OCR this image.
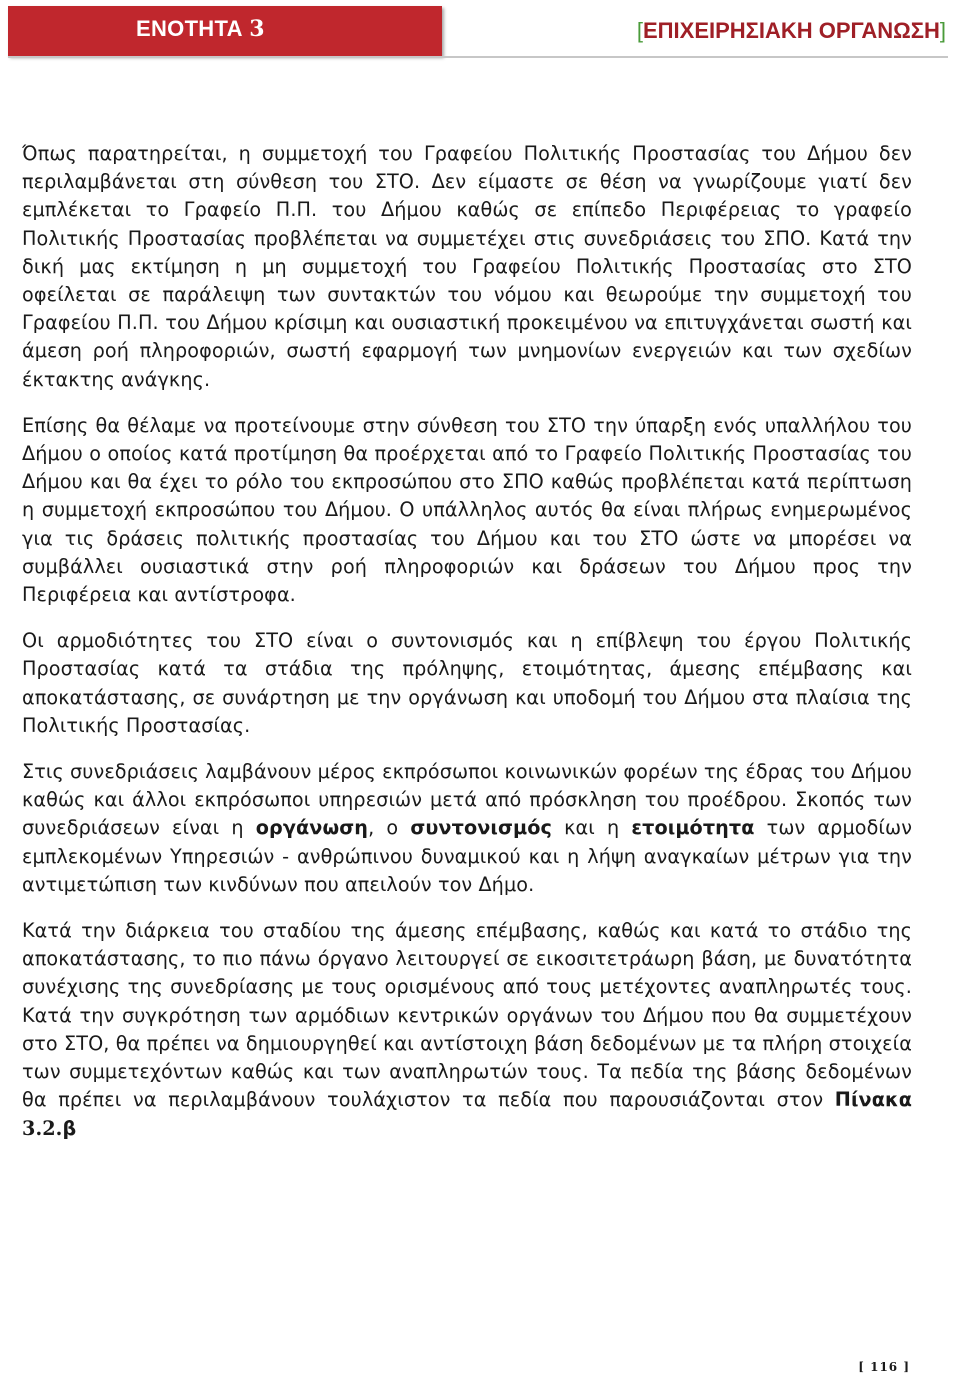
ΕΝΟΤΗΤΑ 3	[ΕΠΙΧΕΙΡΗΣΙΑΚΗ ΟΡΓΑΝΩΣΗ]

Όπως παρατηρείται, η συμμετοχή του Γραφείου Πολιτικής Προστασίας του Δήμου δεν περιλαμβάνεται στη σύνθεση του ΣΤΟ. Δεν είμαστε σε θέση να γνωρίζουμε γιατί δεν εμπλέκεται το Γραφείο Π.Π. του Δήμου καθώς σε επίπεδο Περιφέρειας το γραφείο Πολιτικής Προστασίας προβλέπεται να συμμετέχει στις συνεδριάσεις του ΣΠΟ. Κατά την δική μας εκτίμηση η μη συμμετοχή του Γραφείου Πολιτικής Προστασίας στο ΣΤΟ οφείλεται σε παράλειψη των συντακτών του νόμου και θεωρούμε την συμμετοχή του Γραφείου Π.Π. του Δήμου κρίσιμη και ουσιαστική προκειμένου να επιτυγχάνεται σωστή και άμεση ροή πληροφοριών, σωστή εφαρμογή των μνημονίων ενεργειών και των σχεδίων έκτακτης ανάγκης.

Επίσης θα θέλαμε να προτείνουμε στην σύνθεση του ΣΤΟ την ύπαρξη ενός υπαλλήλου του Δήμου ο οποίος κατά προτίμηση θα προέρχεται από το Γραφείο Πολιτικής Προστασίας του Δήμου και θα έχει το ρόλο του εκπροσώπου στο ΣΠΟ καθώς προβλέπεται κατά περίπτωση η συμμετοχή εκπροσώπου του Δήμου. Ο υπάλληλος αυτός θα είναι πλήρως ενημερωμένος για τις δράσεις πολιτικής προστασίας του Δήμου και του ΣΤΟ ώστε να μπορέσει να συμβάλλει ουσιαστικά στην ροή πληροφοριών και δράσεων του Δήμου προς την Περιφέρεια και αντίστροφα.

Οι αρμοδιότητες του ΣΤΟ είναι ο συντονισμός και η επίβλεψη του έργου Πολιτικής Προστασίας κατά τα στάδια της πρόληψης, ετοιμότητας, άμεσης επέμβασης και αποκατάστασης, σε συνάρτηση με την οργάνωση και υποδομή του Δήμου στα πλαίσια της Πολιτικής Προστασίας.

Στις συνεδριάσεις λαμβάνουν μέρος εκπρόσωποι κοινωνικών φορέων της έδρας του Δήμου καθώς και άλλοι εκπρόσωποι υπηρεσιών μετά από πρόσκληση του προέδρου. Σκοπός των συνεδριάσεων είναι η οργάνωση, ο συντονισμός και η ετοιμότητα των αρμοδίων εμπλεκομένων Υπηρεσιών - ανθρώπινου δυναμικού και η λήψη αναγκαίων μέτρων για την αντιμετώπιση των κινδύνων που απειλούν τον Δήμο.

Κατά την διάρκεια του σταδίου της άμεσης επέμβασης, καθώς και κατά το στάδιο της αποκατάστασης, το πιο πάνω όργανο λειτουργεί σε εικοσιτετράωρη βάση, με δυνατότητα συνέχισης της συνεδρίασης με τους ορισμένους από τους μετέχοντες αναπληρωτές τους. Κατά την συγκρότηση των αρμόδιων κεντρικών οργάνων του Δήμου που θα συμμετέχουν στο ΣΤΟ, θα πρέπει να δημιουργηθεί και αντίστοιχη βάση δεδομένων με τα πλήρη στοιχεία των συμμετεχόντων καθώς και των αναπληρωτών τους. Τα πεδία της βάσης δεδομένων θα πρέπει να περιλαμβάνουν τουλάχιστον τα πεδία που παρουσιάζονται στον Πίνακα 3.2.β

[ 116 ]
